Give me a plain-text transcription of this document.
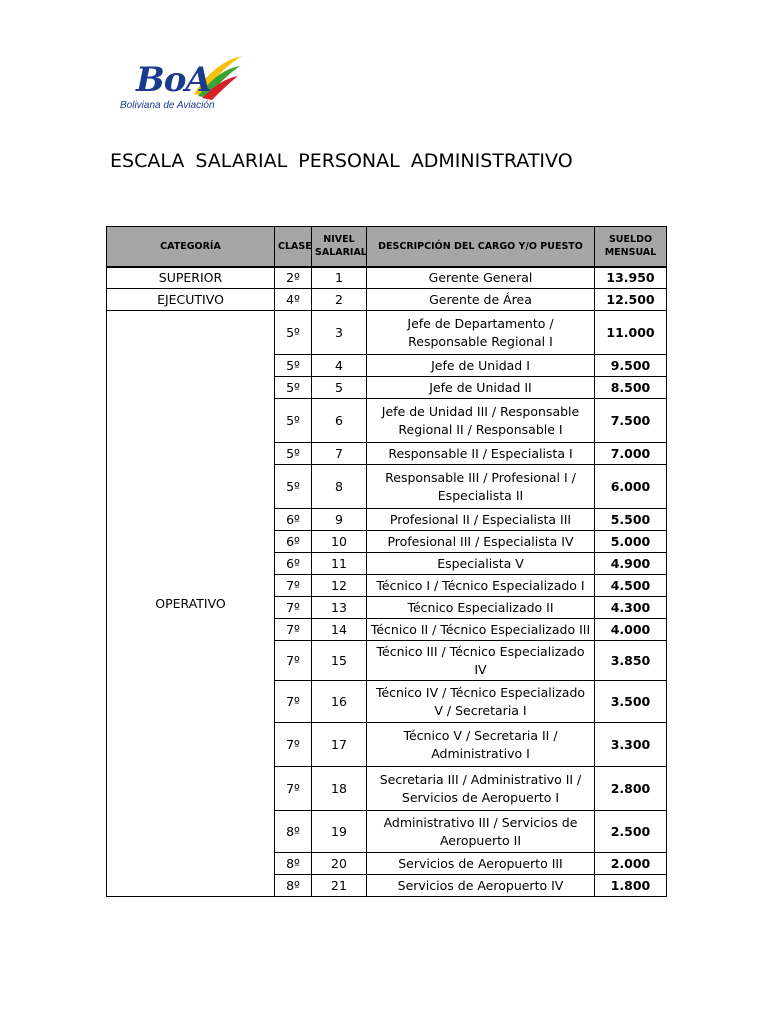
BoA
Boliviana de Aviación
ESCALA SALARIAL PERSONAL ADMINISTRATIVO
CATEGORÍA	CLASE	NIVEL SALARIAL	DESCRIPCIÓN DEL CARGO Y/O PUESTO	SUELDO MENSUAL
SUPERIOR	2º	1	Gerente General	13.950
EJECUTIVO	4º	2	Gerente de Área	12.500
OPERATIVO	5º	3	Jefe de Departamento / Responsable Regional I	11.000
	5º	4	Jefe de Unidad I	9.500
	5º	5	Jefe de Unidad II	8.500
	5º	6	Jefe de Unidad III / Responsable Regional II / Responsable I	7.500
	5º	7	Responsable II / Especialista I	7.000
	5º	8	Responsable III / Profesional I / Especialista II	6.000
	6º	9	Profesional II / Especialista III	5.500
	6º	10	Profesional III / Especialista IV	5.000
	6º	11	Especialista V	4.900
	7º	12	Técnico I / Técnico Especializado I	4.500
	7º	13	Técnico Especializado II	4.300
	7º	14	Técnico II / Técnico Especializado III	4.000
	7º	15	Técnico III / Técnico Especializado IV	3.850
	7º	16	Técnico IV / Técnico Especializado V / Secretaria I	3.500
	7º	17	Técnico V / Secretaria II / Administrativo I	3.300
	7º	18	Secretaria III / Administrativo II / Servicios de Aeropuerto I	2.800
	8º	19	Administrativo III / Servicios de Aeropuerto II	2.500
	8º	20	Servicios de Aeropuerto III	2.000
	8º	21	Servicios de Aeropuerto IV	1.800
